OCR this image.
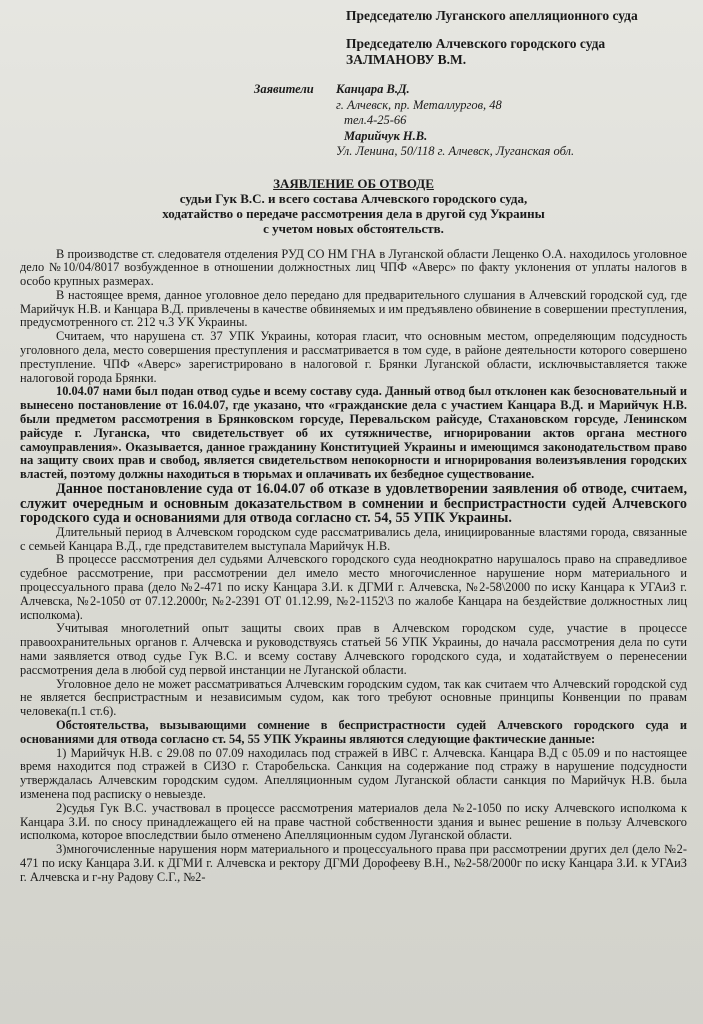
Председателю Луганского апелляционного суда
Председателю Алчевского городского суда
ЗАЛМАНОВУ В.М.
Заявители	Канцара В.Д.
г. Алчевск, пр. Металлургов, 48
тел.4-25-66
Марийчук Н.В.
Ул. Ленина, 50/118 г. Алчевск, Луганская обл.
ЗАЯВЛЕНИЕ ОБ ОТВОДЕ
судьи Гук В.С. и всего состава Алчевского городского суда,
ходатайство о передаче рассмотрения дела в другой суд Украины
с учетом новых обстоятельств.

В производстве ст. следователя отделения РУД СО НМ ГНА в Луганской области Лещенко О.А. находилось уголовное дело №10/04/8017 возбужденное в отношении должностных лиц ЧПФ «Аверс» по факту уклонения от уплаты налогов в особо крупных размерах.

В настоящее время, данное уголовное дело передано для предварительного слушания в Алчевский городской суд, где Марийчук Н.В. и Канцара В.Д. привлечены в качестве обвиняемых и им предъявлено обвинение в совершении преступления, предусмотренного ст. 212 ч.3 УК Украины.

Считаем, что нарушена ст. 37 УПК Украины, которая гласит, что основным местом, определяющим подсудность уголовного дела, место совершения преступления и рассматривается в том суде, в районе деятельности которого совершено преступление. ЧПФ «Аверс» зарегистрировано в налоговой г. Брянки Луганской области, исключвыставляется также налоговой города Брянки.

10.04.07 нами был подан отвод судье и всему составу суда. Данный отвод был отклонен как безосновательный и вынесено постановление от 16.04.07, где указано, что «гражданские дела с участием Канцара В.Д. и Марийчук Н.В. были предметом рассмотрения в Брянковском горсуде, Перевальском райсуде, Стахановском горсуде, Ленинском райсуде г. Луганска, что свидетельствует об их сутяжничестве, игнорировании актов органа местного самоуправления». Оказывается, данное гражданину Конституцией Украины и имеющимся законодательством право на защиту своих прав и свобод, является свидетельством непокорности и игнорирования волеизъявления городских властей, поэтому должны находиться в тюрьмах и оплачивать их безбедное существование.

Данное постановление суда от 16.04.07 об отказе в удовлетворении заявления об отводе, считаем, служит очередным и основным доказательством в сомнении и беспристрастности судей Алчевского городского суда и основаниями для отвода согласно ст. 54, 55 УПК Украины.

Длительный период в Алчевском городском суде рассматривались дела, инициированные властями города, связанные с семьей Канцара В.Д., где представителем выступала Марийчук Н.В.

В процессе рассмотрения дел судьями Алчевского городского суда неоднократно нарушалось право на справедливое судебное рассмотрение, при рассмотрении дел имело место многочисленное нарушение норм материального и процессуального права (дело №2-471 по иску Канцара З.И. к ДГМИ г. Алчевска, №2-58\2000 по иску Канцара к УГАиЗ г. Алчевска, №2-1050 от 07.12.2000г, №2-2391 ОТ 01.12.99, №2-1152\3 по жалобе Канцара на бездействие должностных лиц исполкома).

Учитывая многолетний опыт защиты своих прав в Алчевском городском суде, участие в процессе правоохранительных органов г. Алчевска и руководствуясь статьей 56 УПК Украины, до начала рассмотрения дела по сути нами заявляется отвод судье Гук В.С. и всему составу Алчевского городского суда, и ходатайствуем о перенесении рассмотрения дела в любой суд первой инстанции не Луганской области.

Уголовное дело не может рассматриваться Алчевским городским судом, так как считаем что Алчевский городской суд не является беспристрастным и независимым судом, как того требуют основные принципы Конвенции по правам человека(п.1 ст.6).

Обстоятельства, вызывающими сомнение в беспристрастности судей Алчевского городского суда и основаниями для отвода согласно ст. 54, 55 УПК Украины являются следующие фактические данные:

1) Марийчук Н.В. с 29.08 по 07.09 находилась под стражей в ИВС г. Алчевска. Канцара В.Д с 05.09 и по настоящее время находится под стражей в СИЗО г. Старобельска. Санкция на содержание под стражу в нарушение подсудности утверждалась Алчевским городским судом. Апелляционным судом Луганской области санкция по Марийчук Н.В. была изменена под расписку о невыезде.

2)судья Гук В.С. участвовал в процессе рассмотрения материалов дела №2-1050 по иску Алчевского исполкома к Канцара З.И. по сносу принадлежащего ей на праве частной собственности здания и вынес решение в пользу Алчевского исполкома, которое впоследствии было отменено Апелляционным судом Луганской области.

3)многочисленные нарушения норм материального и процессуального права при рассмотрении других дел (дело №2-471 по иску Канцара З.И. к ДГМИ г. Алчевска и ректору ДГМИ Дорофееву В.Н., №2-58/2000г по иску Канцара З.И. к УГАиЗ г. Алчевска и г-ну Радову С.Г., №2-
